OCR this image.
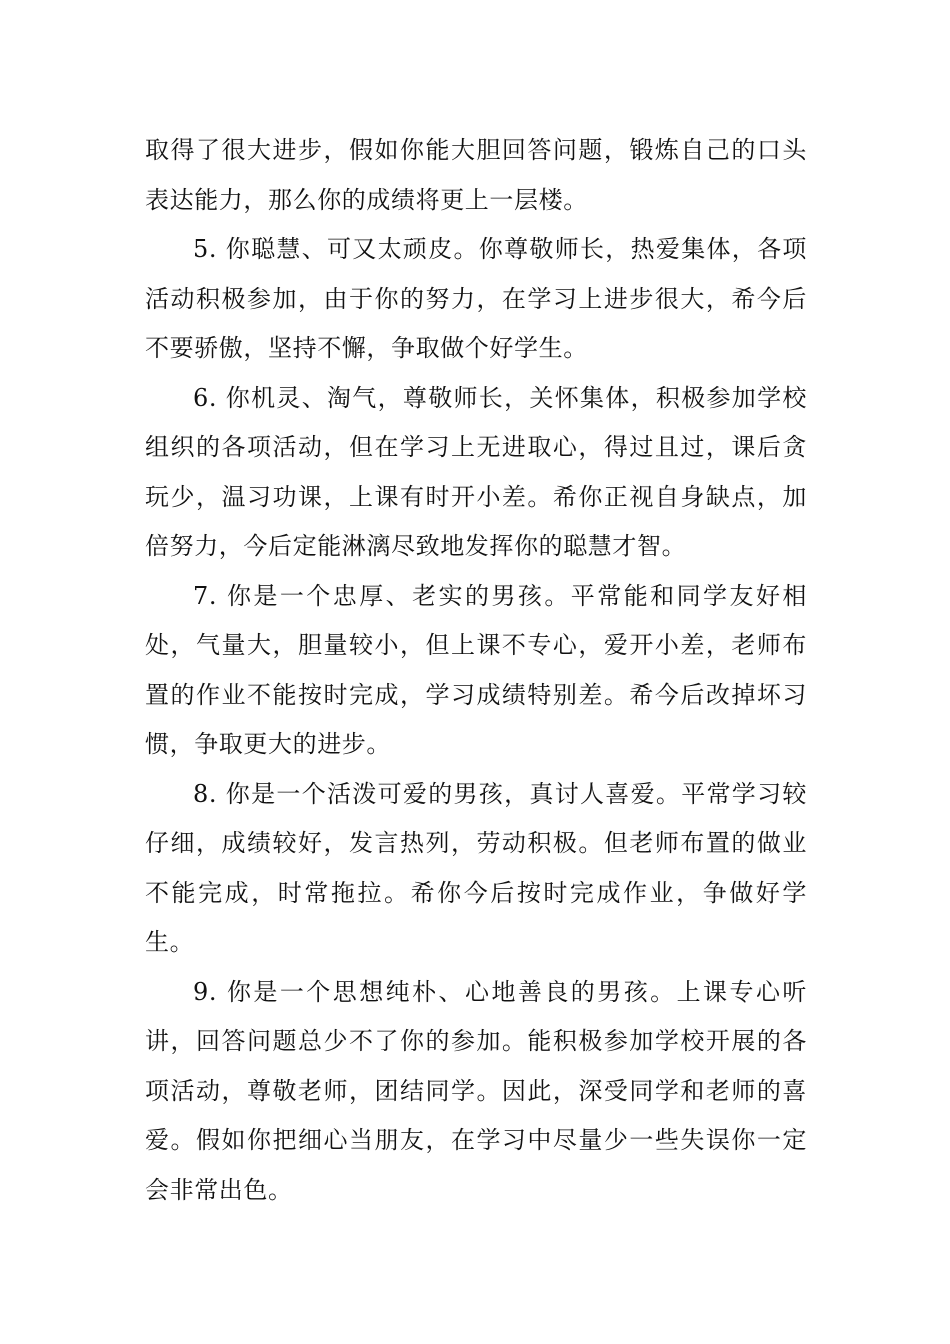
取得了很大进步，假如你能大胆回答问题，锻炼自己的口头表达能力，那么你的成绩将更上一层楼。

5. 你聪慧、可又太顽皮。你尊敬师长，热爱集体，各项活动积极参加，由于你的努力，在学习上进步很大，希今后不要骄傲，坚持不懈，争取做个好学生。

6. 你机灵、淘气，尊敬师长，关怀集体，积极参加学校组织的各项活动，但在学习上无进取心，得过且过，课后贪玩少，温习功课，上课有时开小差。希你正视自身缺点，加倍努力，今后定能淋漓尽致地发挥你的聪慧才智。

7. 你是一个忠厚、老实的男孩。平常能和同学友好相处，气量大，胆量较小，但上课不专心，爱开小差，老师布置的作业不能按时完成，学习成绩特别差。希今后改掉坏习惯，争取更大的进步。

8. 你是一个活泼可爱的男孩，真讨人喜爱。平常学习较仔细，成绩较好，发言热列，劳动积极。但老师布置的做业不能完成，时常拖拉。希你今后按时完成作业，争做好学生。

9. 你是一个思想纯朴、心地善良的男孩。上课专心听讲，回答问题总少不了你的参加。能积极参加学校开展的各项活动，尊敬老师，团结同学。因此，深受同学和老师的喜爱。假如你把细心当朋友，在学习中尽量少一些失误你一定会非常出色。
